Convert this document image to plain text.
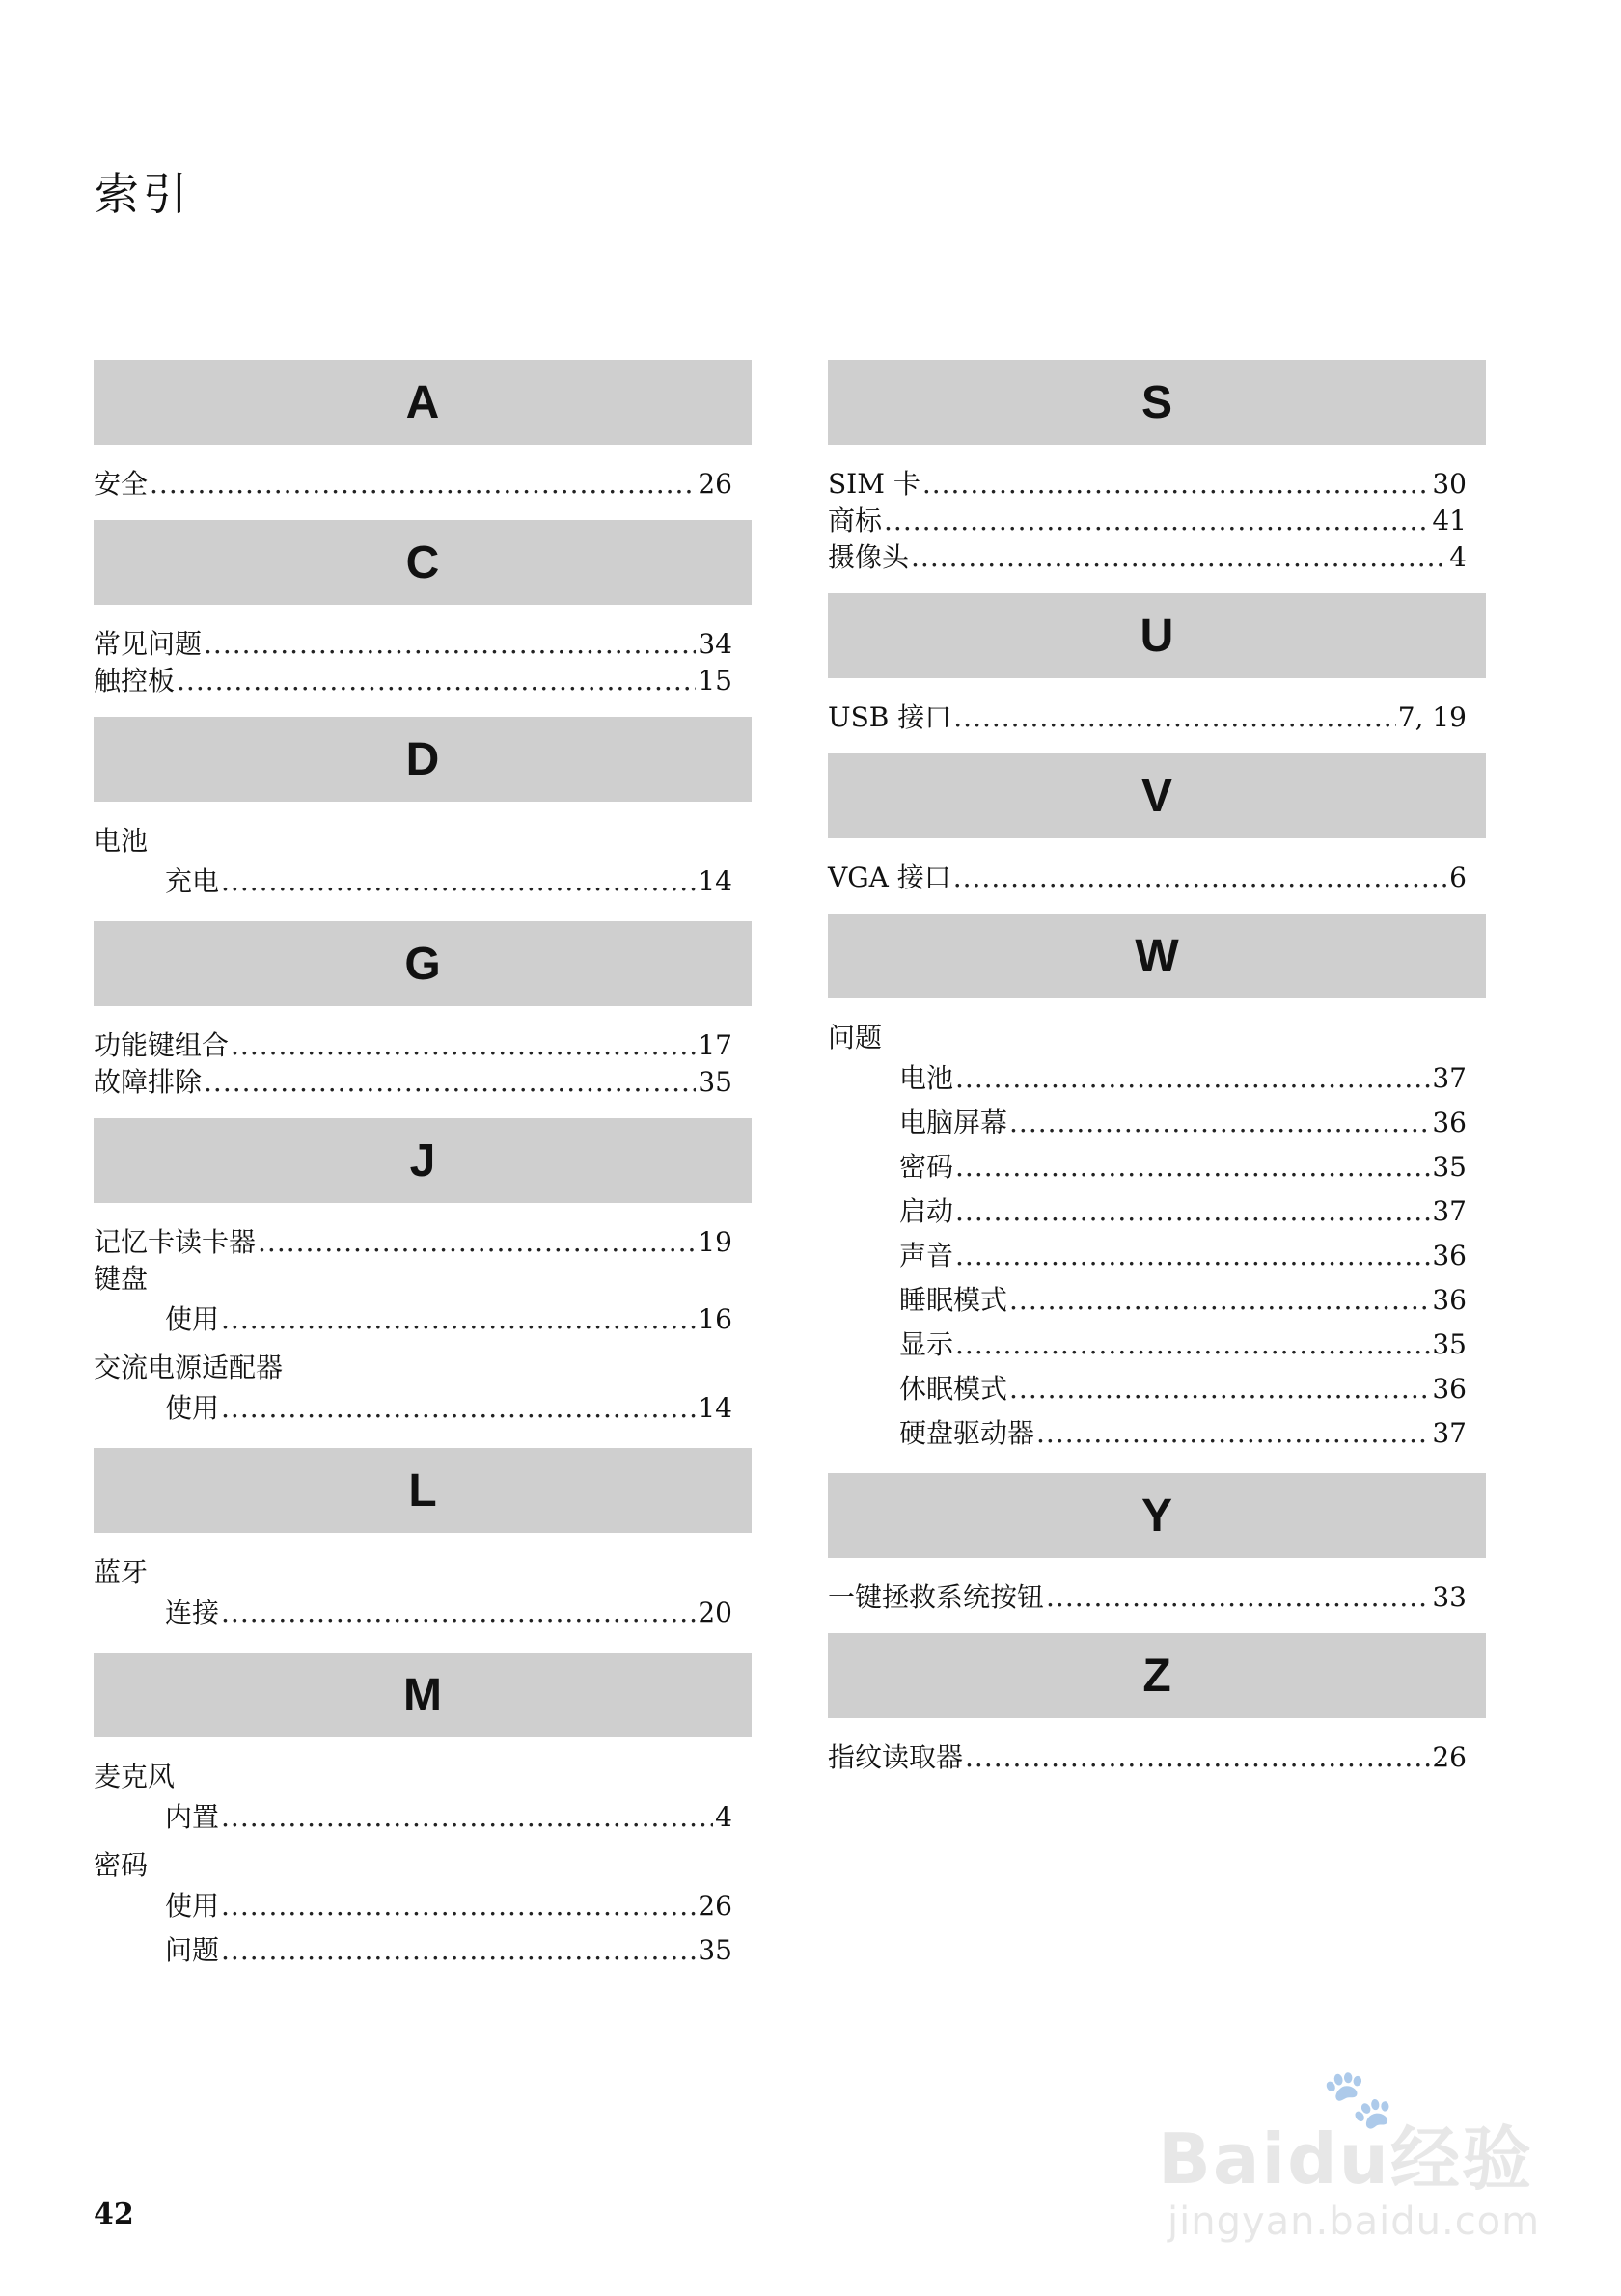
索引
A
安全 .....	26
C
常见问题 .....	34
触控板 .....	15
D
电池
充电 .....	14
G
功能键组合 .....	17
故障排除 .....	35
J
记忆卡读卡器 .....	19
键盘
使用 .....	16
交流电源适配器
使用 .....	14
L
蓝牙
连接 .....	20
M
麦克风
内置 .....	4
密码
使用 .....	26
问题 .....	35
S
SIM 卡 .....	30
商标 .....	41
摄像头 .....	4
U
USB 接口 .....	7, 19
V
VGA 接口 .....	6
W
问题
电池 .....	37
电脑屏幕 .....	36
密码 .....	35
启动 .....	37
声音 .....	36
睡眠模式 .....	36
显示 .....	35
休眠模式 .....	36
硬盘驱动器 .....	37
Y
一键拯救系统按钮 .....	33
Z
指纹读取器 .....	26
42
🐾
Baidu经验
jingyan.baidu.com
